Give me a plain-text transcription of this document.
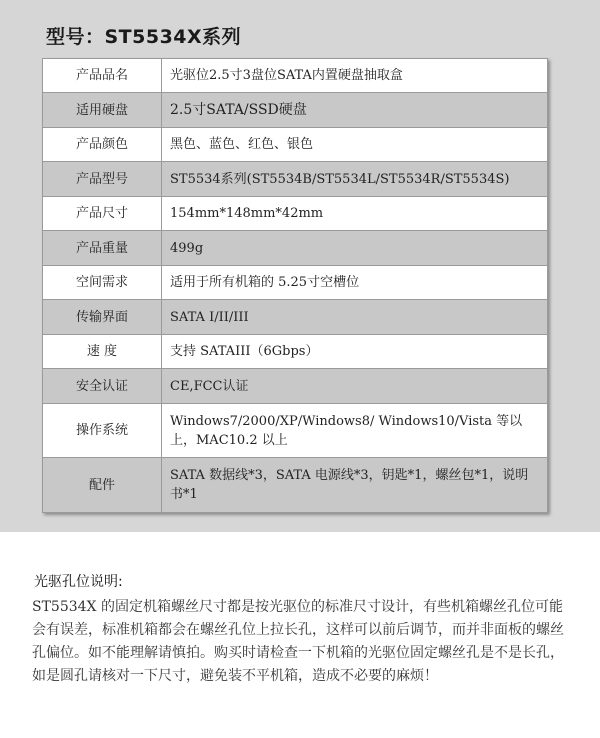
型号：ST5534X系列
产品品名	光驱位2.5寸3盘位SATA内置硬盘抽取盒
适用硬盘	2.5寸SATA/SSD硬盘
产品颜色	黑色、蓝色、红色、银色
产品型号	ST5534系列(ST5534B/ST5534L/ST5534R/ST5534S)
产品尺寸	154mm*148mm*42mm
产品重量	499g
空间需求	适用于所有机箱的 5.25寸空槽位
传输界面	SATA I/II/III
速 度	支持 SATAIII（6Gbps）
安全认证	CE,FCC认证
操作系统	Windows7/2000/XP/Windows8/ Windows10/Vista 等以上，MAC10.2 以上
配件	SATA 数据线*3，SATA 电源线*3，钥匙*1，螺丝包*1，说明书*1
光驱孔位说明:

ST5534X 的固定机箱螺丝尺寸都是按光驱位的标准尺寸设计，有些机箱螺丝孔位可能会有误差，标准机箱都会在螺丝孔位上拉长孔，这样可以前后调节，而并非面板的螺丝孔偏位。如不能理解请慎拍。购买时请检查一下机箱的光驱位固定螺丝孔是不是长孔，如是圆孔请核对一下尺寸，避免装不平机箱，造成不必要的麻烦！
